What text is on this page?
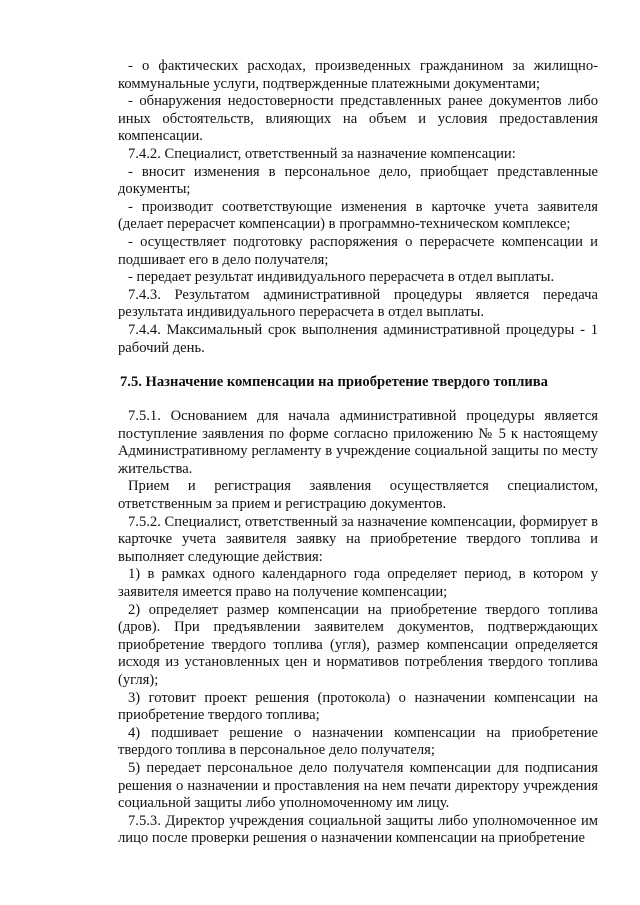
- о фактических расходах, произведенных гражданином за жилищно-коммунальные услуги, подтвержденные платежными документами;

- обнаружения недостоверности представленных ранее документов либо иных обстоятельств, влияющих на объем и условия предоставления компенсации.

7.4.2. Специалист, ответственный за назначение компенсации:

- вносит изменения в персональное дело, приобщает представленные документы;

- производит соответствующие изменения в карточке учета заявителя (делает перерасчет компенсации) в программно-техническом комплексе;

- осуществляет подготовку распоряжения о перерасчете компенсации и подшивает его в дело получателя;

- передает результат индивидуального перерасчета в отдел выплаты.

7.4.3. Результатом административной процедуры является передача результата индивидуального перерасчета в отдел выплаты.

7.4.4. Максимальный срок выполнения административной процедуры - 1 рабочий день.

7.5. Назначение компенсации на приобретение твердого топлива

7.5.1. Основанием для начала административной процедуры является поступление заявления по форме согласно приложению № 5 к настоящему Административному регламенту в учреждение социальной защиты по месту жительства.

Прием и регистрация заявления осуществляется специалистом, ответственным за прием и регистрацию документов.

7.5.2. Специалист, ответственный за назначение компенсации, формирует в карточке учета заявителя заявку на приобретение твердого топлива и выполняет следующие действия:

1) в рамках одного календарного года определяет период, в котором у заявителя имеется право на получение компенсации;

2) определяет размер компенсации на приобретение твердого топлива (дров). При предъявлении заявителем документов, подтверждающих приобретение твердого топлива (угля), размер компенсации определяется исходя из установленных цен и нормативов потребления твердого топлива (угля);

3) готовит проект решения (протокола) о назначении компенсации на приобретение твердого топлива;

4) подшивает решение о назначении компенсации на приобретение твердого топлива в персональное дело получателя;

5) передает персональное дело получателя компенсации для подписания решения о назначении и проставления на нем печати директору учреждения социальной защиты либо уполномоченному им лицу.

7.5.3. Директор учреждения социальной защиты либо уполномоченное им лицо после проверки решения о назначении компенсации на приобретение
